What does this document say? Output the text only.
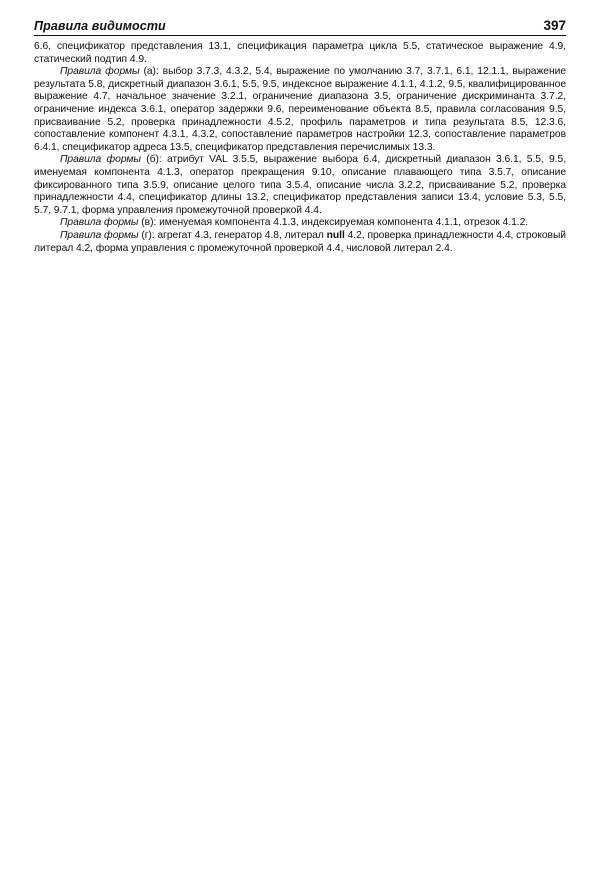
Правила видимости	397

6.6, спецификатор представления 13.1, спецификация параметра цикла 5.5, статическое выражение 4.9, статический подтип 4.9.

Правила формы (а): выбор 3.7.3, 4.3.2, 5.4, выражение по умолчанию 3.7, 3.7.1, 6.1, 12.1.1, выражение результата 5.8, дискретный диапазон 3.6.1, 5.5, 9.5, индексное выражение 4.1.1, 4.1.2, 9.5, квалифицированное выражение 4.7, начальное значение 3.2.1, ограничение диапазона 3.5, ограничение дискриминанта 3.7.2, ограничение индекса 3.6.1, оператор задержки 9.6, переименование объекта 8.5, правила согласования 9.5, присваивание 5.2, проверка принадлежности 4.5.2, профиль параметров и типа результата 8.5, 12.3.6, сопоставление компонент 4.3.1, 4.3.2, сопоставление параметров настройки 12.3, сопоставление параметров 6.4.1, спецификатор адреса 13.5, спецификатор представления перечислимых 13.3.

Правила формы (б): атрибут VAL 3.5.5, выражение выбора 6.4, дискретный диапазон 3.6.1, 5.5, 9.5, именуемая компонента 4.1.3, оператор прекращения 9.10, описание плавающего типа 3.5.7, описание фиксированного типа 3.5.9, описание целого типа 3.5.4, описание числа 3.2.2, присваивание 5.2, проверка принадлежности 4.4, спецификатор длины 13.2, спецификатор представления записи 13.4, условие 5.3, 5.5, 5.7, 9.7.1, форма управления промежуточной проверкой 4.4.

Правила формы (в): именуемая компонента 4.1.3, индексируемая компонента 4.1.1, отрезок 4.1.2.

Правила формы (г): агрегат 4.3, генератор 4.8, литерал null 4.2, проверка принадлежности 4.4, строковый литерал 4.2, форма управления с промежуточной проверкой 4.4, числовой литерал 2.4.
